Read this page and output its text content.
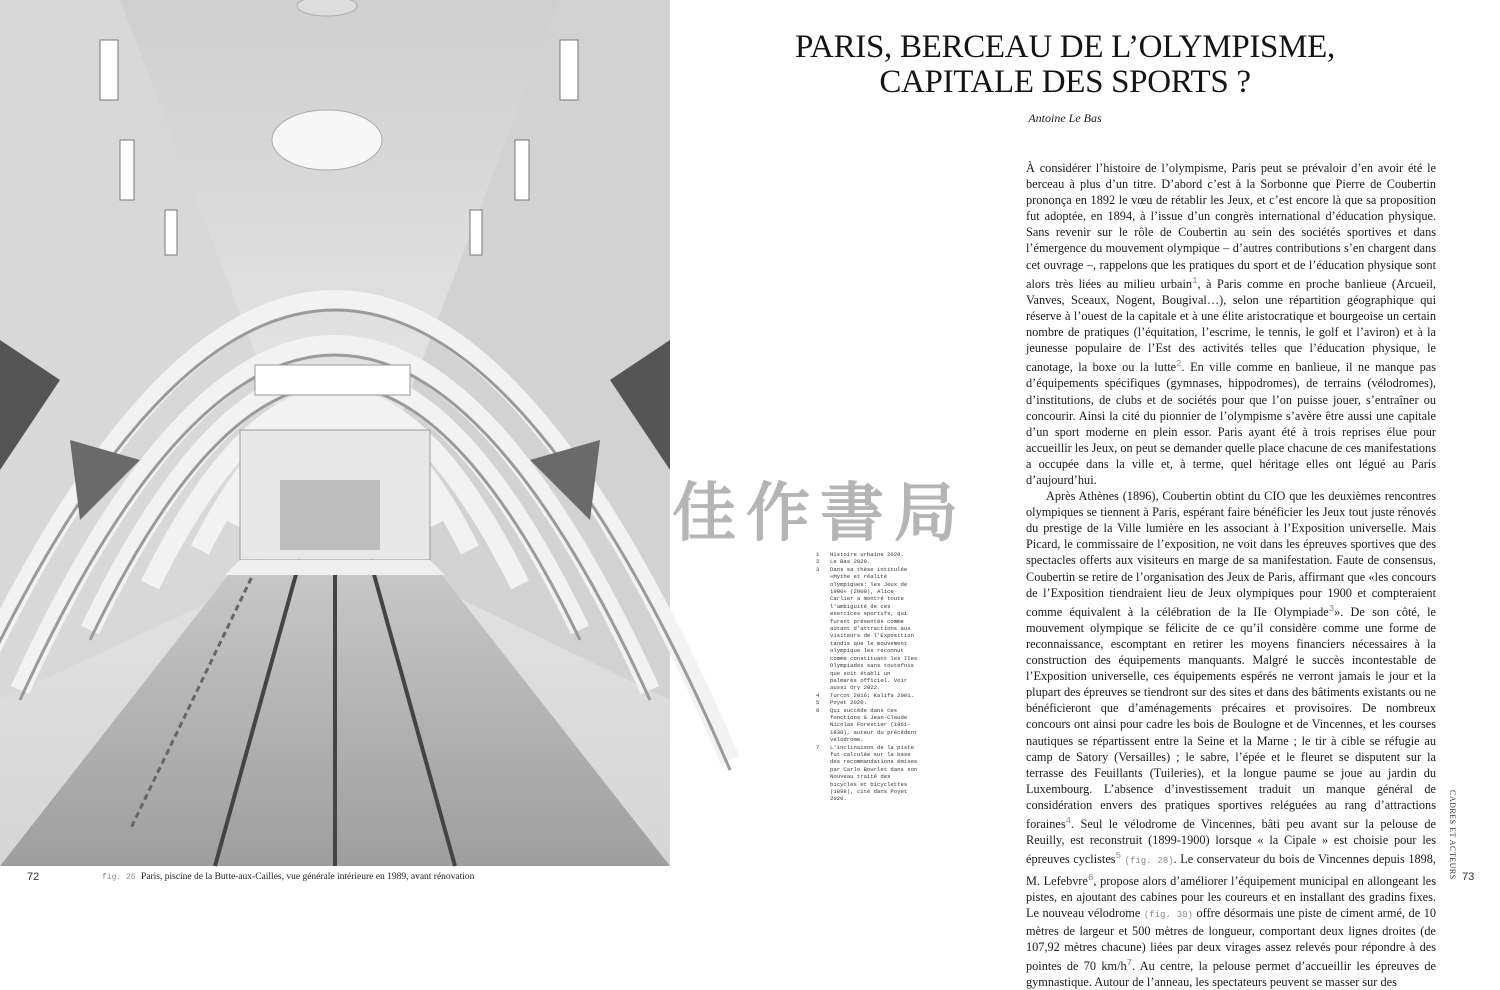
72	fig. 26 Paris, piscine de la Butte-aux-Cailles, vue générale intérieure en 1989, avant rénovation
佳作書局
1	Histoire urbaine 2020.
2	Le Bas 2020.
3	Dans sa thèse intitulée «Mythe et réalité olympiques: les Jeux de 1900» (2000), Alice Carlier a montré toute l'ambiguïté de ces exercices sportifs, qui furent présentés comme autant d'attractions aux visiteurs de l'Exposition tandis que le mouvement olympique les reconnut comme constituant les IIes Olympiades sans toutefois que soit établi un palmarès officiel. Voir aussi Ory 2022.
4	Turcot 2016; Kalifa 2001.
5	Poyet 2020.
6	Qui succède dans ces fonctions à Jean-Claude Nicolas Forestier (1861-1930), auteur du précédent vélodrome.
7	L'inclinaison de la piste fut calculée sur la base des recommandations émises par Carlo Bourlet dans son Nouveau traité des bicycles et bicyclettes (1898), cité dans Poyet 2020.
PARIS, BERCEAU DE L’OLYMPISME,
CAPITALE DES SPORTS ?
Antoine Le Bas

À considérer l’histoire de l’olympisme, Paris peut se prévaloir d’en avoir été le berceau à plus d’un titre. D’abord c’est à la Sorbonne que Pierre de Coubertin prononça en 1892 le vœu de rétablir les Jeux, et c’est encore là que sa proposition fut adoptée, en 1894, à l’issue d’un congrès international d’éducation physique. Sans revenir sur le rôle de Coubertin au sein des sociétés sportives et dans l’émergence du mouvement olympique – d’autres contributions s’en chargent dans cet ouvrage –, rappelons que les pratiques du sport et de l’éducation physique sont alors très liées au milieu urbain$^1$, à Paris comme en proche banlieue (Arcueil, Vanves, Sceaux, Nogent, Bougival…), selon une répartition géographique qui réserve à l’ouest de la capitale et à une élite aristocratique et bourgeoise un certain nombre de pratiques (l’équitation, l’escrime, le tennis, le golf et l’aviron) et à la jeunesse populaire de l’Est des activités telles que l’éducation physique, le canotage, la boxe ou la lutte$^2$. En ville comme en banlieue, il ne manque pas d’équipements spécifiques (gymnases, hippodromes), de terrains (vélodromes), d’institutions, de clubs et de sociétés pour que l’on puisse jouer, s’entraîner ou concourir. Ainsi la cité du pionnier de l’olympisme s’avère être aussi une capitale d’un sport moderne en plein essor. Paris ayant été à trois reprises élue pour accueillir les Jeux, on peut se demander quelle place chacune de ces manifestations a occupée dans la ville et, à terme, quel héritage elles ont légué au Paris d’aujourd’hui.

Après Athènes (1896), Coubertin obtint du CIO que les deuxièmes rencontres olympiques se tiennent à Paris, espérant faire bénéficier les Jeux tout juste rénovés du prestige de la Ville lumière en les associant à l’Exposition universelle. Mais Picard, le commissaire de l’exposition, ne voit dans les épreuves sportives que des spectacles offerts aux visiteurs en marge de sa manifestation. Faute de consensus, Coubertin se retire de l’organisation des Jeux de Paris, affirmant que «les concours de l’Exposition tiendraient lieu de Jeux olympiques pour 1900 et compteraient comme équivalent à la célébration de la IIe Olympiade$^3$». De son côté, le mouvement olympique se félicite de ce qu’il considère comme une forme de reconnaissance, escomptant en retirer les moyens financiers nécessaires à la construction des équipements manquants. Malgré le succès incontestable de l’Exposition universelle, ces équipements espérés ne verront jamais le jour et la plupart des épreuves se tiendront sur des sites et dans des bâtiments existants ou ne bénéficieront que d’aménagements précaires et provisoires. De nombreux concours ont ainsi pour cadre les bois de Boulogne et de Vincennes, et les courses nautiques se répartissent entre la Seine et la Marne ; le tir à cible se réfugie au camp de Satory (Versailles) ; le sabre, l’épée et le fleuret se disputent sur la terrasse des Feuillants (Tuileries), et la longue paume se joue au jardin du Luxembourg. L’absence d’investissement traduit un manque général de considération envers des pratiques sportives reléguées au rang d’attractions foraines$^4$. Seul le vélodrome de Vincennes, bâti peu avant sur la pelouse de Reuilly, est reconstruit (1899-1900) lorsque « la Cipale » est choisie pour les épreuves cyclistes$^5$ (fig. 28). Le conservateur du bois de Vincennes depuis 1898, M. Lefebvre$^6$, propose alors d’améliorer l’équipement municipal en allongeant les pistes, en ajoutant des cabines pour les coureurs et en installant des gradins fixes. Le nouveau vélodrome (fig. 30) offre désormais une piste de ciment armé, de 10 mètres de largeur et 500 mètres de longueur, comportant deux lignes droites (de 107,92 mètres chacune) liées par deux virages assez relevés pour répondre à des pointes de 70 km/h$^7$. Au centre, la pelouse permet d’accueillir les épreuves de gymnastique. Autour de l’anneau, les spectateurs peuvent se masser sur des

CADRES ET ACTEURS 73
